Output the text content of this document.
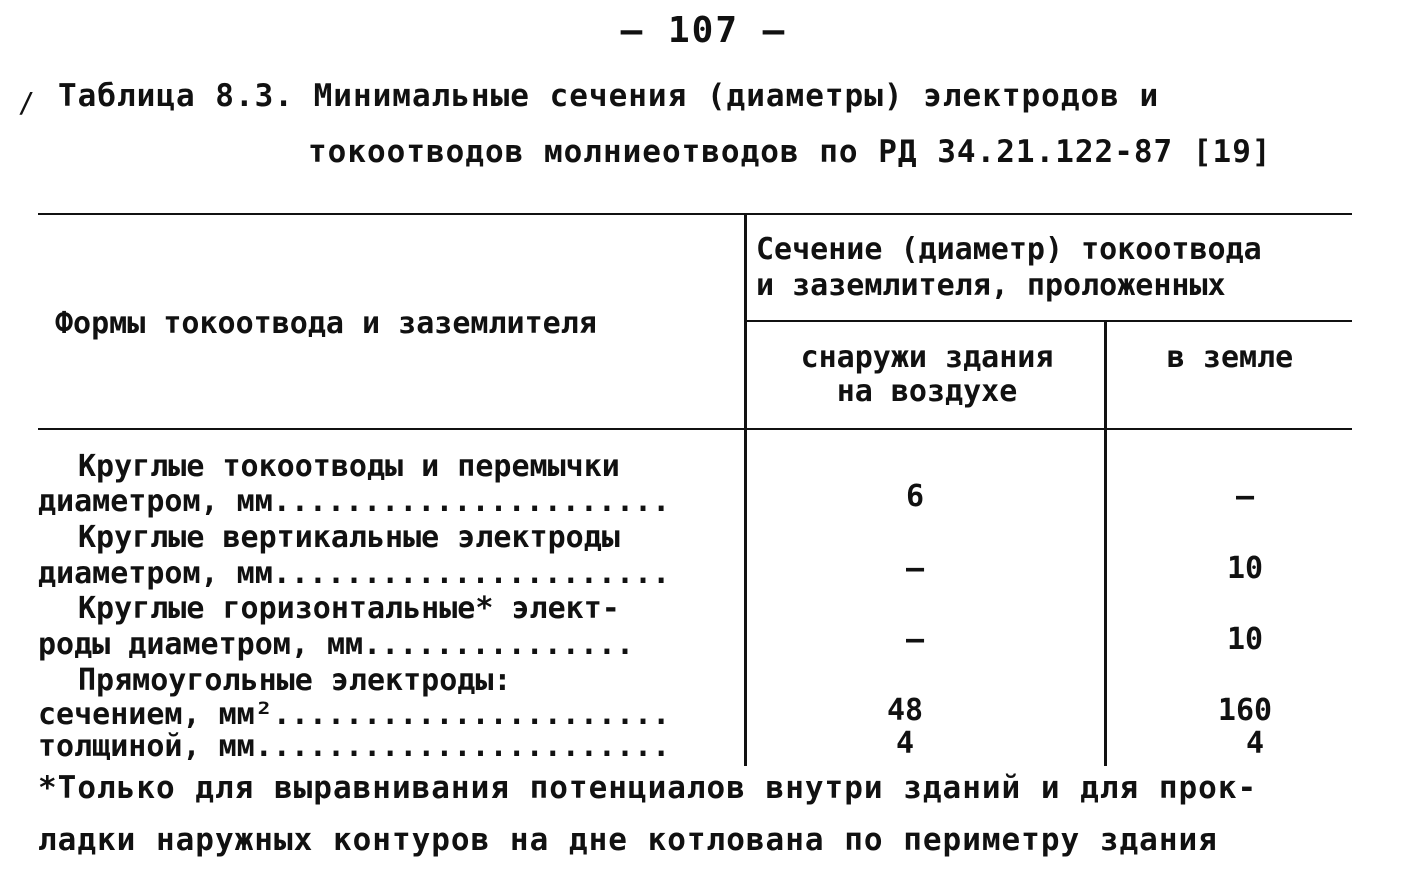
/
– 107 –
Таблица 8.3. Минимальные сечения (диаметры) электродов и
токоотводов молниеотводов по РД 34.21.122-87 [19]
Формы токоотвода и заземлителя
Сечение (диаметр) токоотвода
и заземлителя, проложенных
снаружи здания
на воздухе
в земле
Круглые токоотводы и перемычки
диаметром, мм......................	6	–
Круглые вертикальные электроды
диаметром, мм......................	–	10
Круглые горизонтальные* элект-
роды диаметром, мм...............	–	10
Прямоугольные электроды:
сечением, мм²......................	48	160
толщиной, мм.......................	4	4
*Только для выравнивания потенциалов внутри зданий и для прок-
ладки наружных контуров на дне котлована по периметру здания
